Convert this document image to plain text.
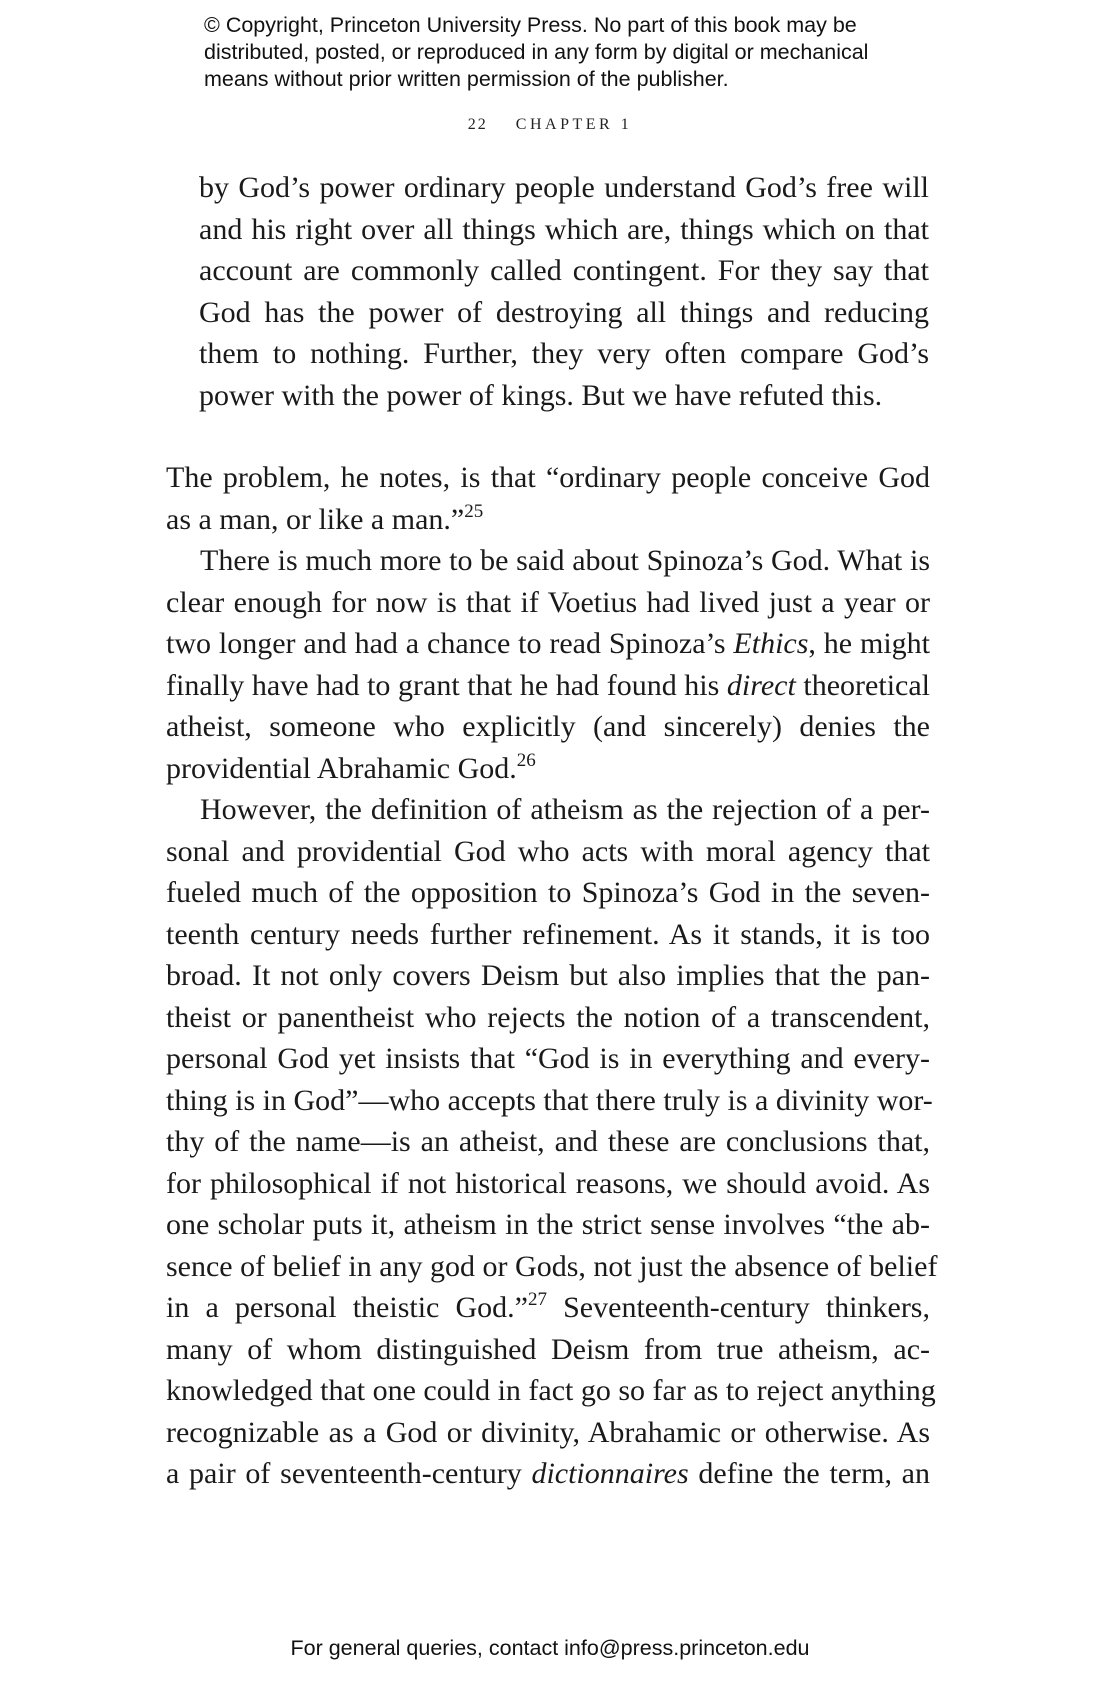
© Copyright, Princeton University Press. No part of this book may be
distributed, posted, or reproduced in any form by digital or mechanical
means without prior written permission of the publisher.
22 CHAPTER 1
by God’s power ordinary people understand God’s free will
and his right over all things which are, things which on that
account are commonly called contingent. For they say that
God has the power of destroying all things and reducing
them to nothing. Further, they very often compare God’s
power with the power of kings. But we have refuted this.
The problem, he notes, is that “ordinary people conceive God
as a man, or like a man.”$^{25}$
There is much more to be said about Spinoza’s God. What is
clear enough for now is that if Voetius had lived just a year or
two longer and had a chance to read Spinoza’s Ethics, he might
finally have had to grant that he had found his direct theoretical
atheist, someone who explicitly (and sincerely) denies the
providential Abrahamic God.$^{26}$
However, the definition of atheism as the rejection of a per-
sonal and providential God who acts with moral agency that
fueled much of the opposition to Spinoza’s God in the seven-
teenth century needs further refinement. As it stands, it is too
broad. It not only covers Deism but also implies that the pan-
theist or panentheist who rejects the notion of a transcendent,
personal God yet insists that “God is in everything and every-
thing is in God”—who accepts that there truly is a divinity wor-
thy of the name—is an atheist, and these are conclusions that,
for philosophical if not historical reasons, we should avoid. As
one scholar puts it, atheism in the strict sense involves “the ab-
sence of belief in any god or Gods, not just the absence of belief
in a personal theistic God.”$^{27}$ Seventeenth-century thinkers,
many of whom distinguished Deism from true atheism, ac-
knowledged that one could in fact go so far as to reject anything
recognizable as a God or divinity, Abrahamic or otherwise. As
a pair of seventeenth-century dictionnaires define the term, an
For general queries, contact info@press.princeton.edu
